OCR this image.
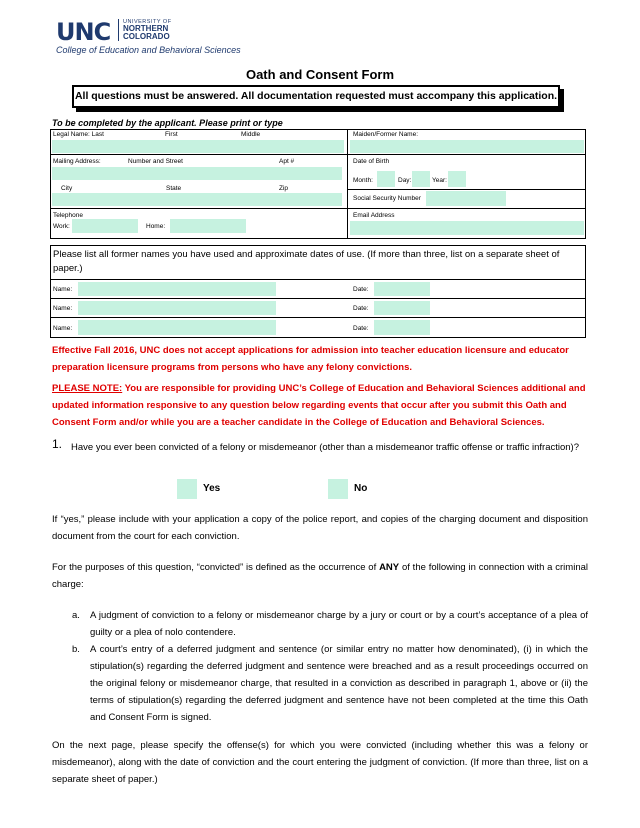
UNC UNIVERSITY OF
NORTHERN
COLORADO
College of Education and Behavioral Sciences
Oath and Consent Form
All questions must be answered. All documentation requested must accompany this application.
To be completed by the applicant. Please print or type
Legal Name: Last	First	Middle	Maiden/Former Name:
Mailing Address:	Number and Street	Apt #
City	State	Zip
Date of Birth
Month:	Day:	Year:
Social Security Number
Telephone
Work:	Home:
Email Address
Please list all former names you have used and approximate dates of use. (If more than three, list on a separate sheet of paper.)
Name:	Date:
Name:	Date:
Name:	Date:
Effective Fall 2016, UNC does not accept applications for admission into teacher education licensure and educator preparation licensure programs from persons who have any felony convictions.
PLEASE NOTE: You are responsible for providing UNC’s College of Education and Behavioral Sciences additional and updated information responsive to any question below regarding events that occur after you submit this Oath and Consent Form and/or while you are a teacher candidate in the College of Education and Behavioral Sciences.
1. Have you ever been convicted of a felony or misdemeanor (other than a misdemeanor traffic offense or traffic infraction)?
Yes	No
If “yes,” please include with your application a copy of the police report, and copies of the charging document and disposition document from the court for each conviction.
For the purposes of this question, “convicted” is defined as the occurrence of ANY of the following in connection with a criminal charge:
a. A judgment of conviction to a felony or misdemeanor charge by a jury or court or by a court’s acceptance of a plea of guilty or a plea of nolo contendere.
b. A court’s entry of a deferred judgment and sentence (or similar entry no matter how denominated), (i) in which the stipulation(s) regarding the deferred judgment and sentence were breached and as a result proceedings occurred on the original felony or misdemeanor charge, that resulted in a conviction as described in paragraph 1, above or (ii) the terms of stipulation(s) regarding the deferred judgment and sentence have not been completed at the time this Oath and Consent Form is signed.
On the next page, please specify the offense(s) for which you were convicted (including whether this was a felony or misdemeanor), along with the date of conviction and the court entering the judgment of conviction. (If more than three, list on a separate sheet of paper.)
